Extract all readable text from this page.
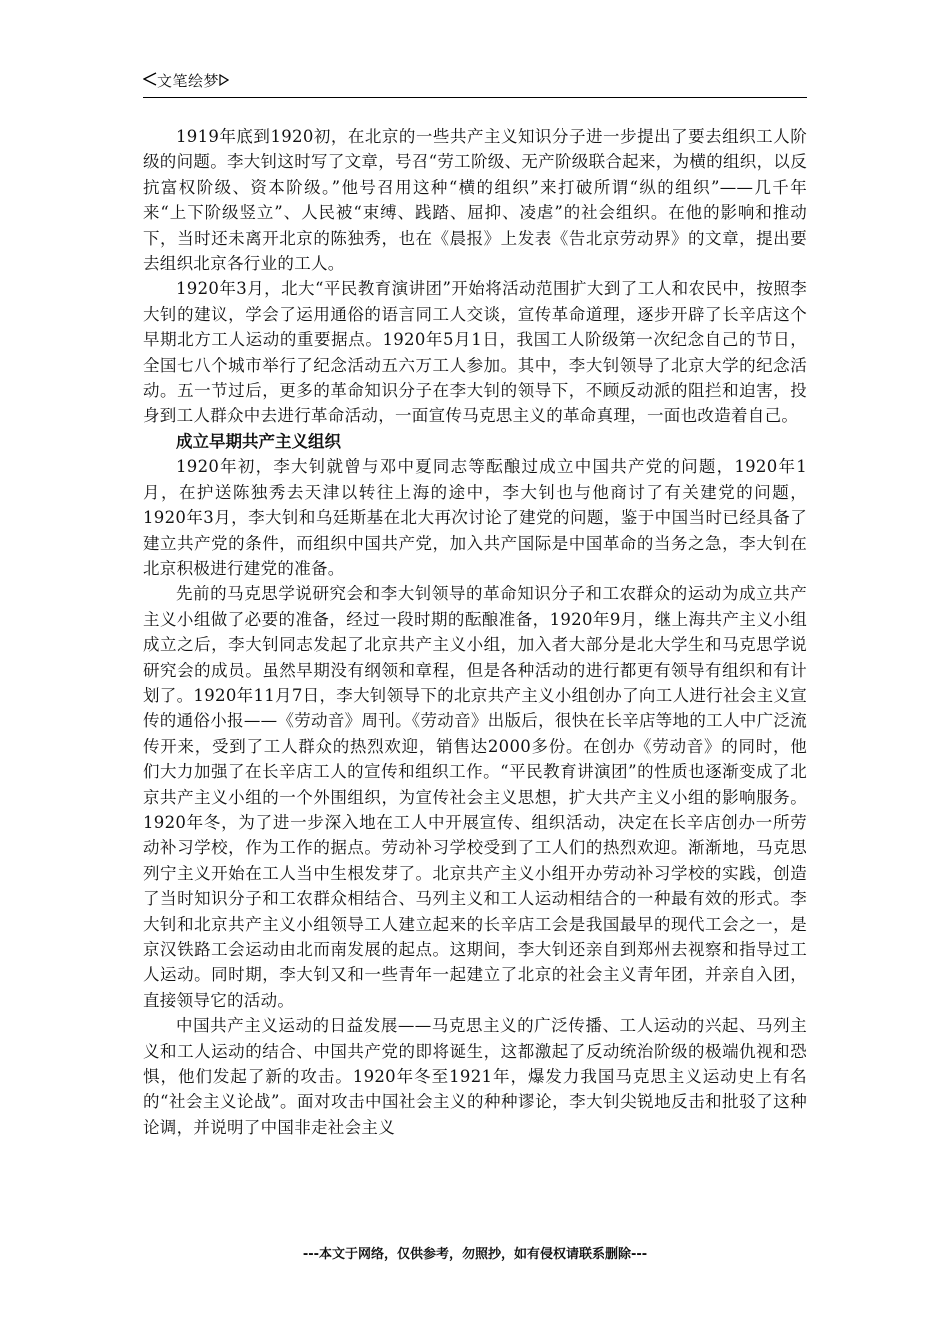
文笔绘梦

1919年底到1920初，在北京的一些共产主义知识分子进一步提出了要去组织工人阶级的问题。李大钊这时写了文章，号召“劳工阶级、无产阶级联合起来，为横的组织，以反抗富权阶级、资本阶级。”他号召用这种“横的组织”来打破所谓“纵的组织”——几千年来“上下阶级竖立”、人民被“束缚、践踏、屈抑、凌虐”的社会组织。在他的影响和推动下，当时还未离开北京的陈独秀，也在《晨报》上发表《告北京劳动界》的文章，提出要去组织北京各行业的工人。

1920年3月，北大“平民教育演讲团”开始将活动范围扩大到了工人和农民中，按照李大钊的建议，学会了运用通俗的语言同工人交谈，宣传革命道理，逐步开辟了长辛店这个早期北方工人运动的重要据点。1920年5月1日，我国工人阶级第一次纪念自己的节日，全国七八个城市举行了纪念活动五六万工人参加。其中，李大钊领导了北京大学的纪念活动。五一节过后，更多的革命知识分子在李大钊的领导下，不顾反动派的阻拦和迫害，投身到工人群众中去进行革命活动，一面宣传马克思主义的革命真理，一面也改造着自己。

成立早期共产主义组织

1920年初，李大钊就曾与邓中夏同志等酝酿过成立中国共产党的问题，1920年1月，在护送陈独秀去天津以转往上海的途中，李大钊也与他商讨了有关建党的问题，1920年3月，李大钊和乌廷斯基在北大再次讨论了建党的问题，鉴于中国当时已经具备了建立共产党的条件，而组织中国共产党，加入共产国际是中国革命的当务之急，李大钊在北京积极进行建党的准备。

先前的马克思学说研究会和李大钊领导的革命知识分子和工农群众的运动为成立共产主义小组做了必要的准备，经过一段时期的酝酿准备，1920年9月，继上海共产主义小组成立之后，李大钊同志发起了北京共产主义小组，加入者大部分是北大学生和马克思学说研究会的成员。虽然早期没有纲领和章程，但是各种活动的进行都更有领导有组织和有计划了。1920年11月7日，李大钊领导下的北京共产主义小组创办了向工人进行社会主义宣传的通俗小报——《劳动音》周刊。《劳动音》出版后，很快在长辛店等地的工人中广泛流传开来，受到了工人群众的热烈欢迎，销售达2000多份。在创办《劳动音》的同时，他们大力加强了在长辛店工人的宣传和组织工作。“平民教育讲演团”的性质也逐渐变成了北京共产主义小组的一个外围组织，为宣传社会主义思想，扩大共产主义小组的影响服务。1920年冬，为了进一步深入地在工人中开展宣传、组织活动，决定在长辛店创办一所劳动补习学校，作为工作的据点。劳动补习学校受到了工人们的热烈欢迎。渐渐地，马克思列宁主义开始在工人当中生根发芽了。北京共产主义小组开办劳动补习学校的实践，创造了当时知识分子和工农群众相结合、马列主义和工人运动相结合的一种最有效的形式。李大钊和北京共产主义小组领导工人建立起来的长辛店工会是我国最早的现代工会之一，是京汉铁路工会运动由北而南发展的起点。这期间，李大钊还亲自到郑州去视察和指导过工人运动。同时期，李大钊又和一些青年一起建立了北京的社会主义青年团，并亲自入团，直接领导它的活动。

中国共产主义运动的日益发展——马克思主义的广泛传播、工人运动的兴起、马列主义和工人运动的结合、中国共产党的即将诞生，这都激起了反动统治阶级的极端仇视和恐惧，他们发起了新的攻击。1920年冬至1921年，爆发力我国马克思主义运动史上有名的“社会主义论战”。面对攻击中国社会主义的种种谬论，李大钊尖锐地反击和批驳了这种论调，并说明了中国非走社会主义

---本文于网络，仅供参考，勿照抄，如有侵权请联系删除---
